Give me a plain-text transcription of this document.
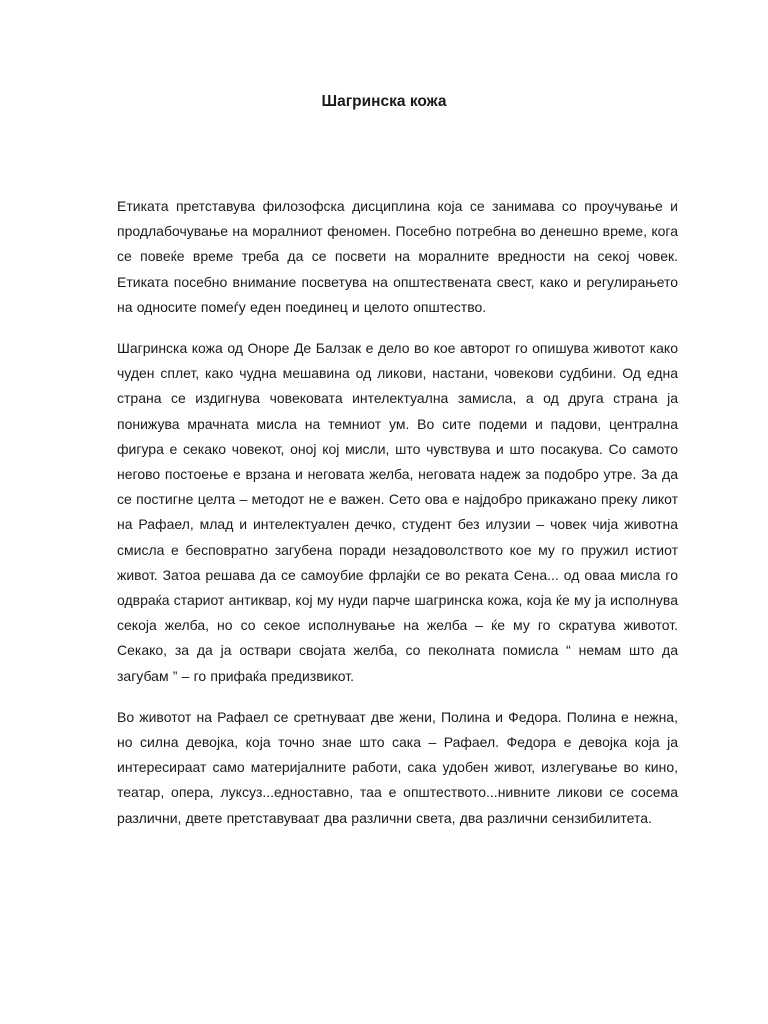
Шагринска кожа

Етиката претставува филозофска дисциплина која се занимава со проучување и продлабочување на моралниот феномен. Посебно потребна во денешно време, кога се повеќе време треба да се посвети на моралните вредности на секој човек. Етиката посебно внимание посветува на општествената свест, како и регулирањето на односите помеѓу еден поединец и целото општество.

Шагринска кожа од Оноре Де Балзак е дело во кое авторот го опишува животот како чуден сплет, како чудна мешавина од ликови, настани, човекови судбини. Од една страна се издигнува човековата интелектуална замисла, а од друга страна ја понижува мрачната мисла на темниот ум. Во сите подеми и падови, централна фигура е секако човекот, оној кој мисли, што чувствува и што посакува. Со самото негово постоење е врзана и неговата желба, неговата надеж за подобро утре. За да се постигне целта – методот не е важен. Сето ова е најдобро прикажано преку ликот на Рафаел, млад и интелектуален дечко, студент без илузии – човек чија животна смисла е бесповратно загубена поради незадоволството кое му го пружил истиот живот. Затоа решава да се самоубие фрлајќи се во реката Сена... од оваа мисла го одвраќа стариот антиквар, кој му нуди парче шагринска кожа, која ќе му ја исполнува секоја желба, но со секое исполнување на желба – ќе му го скратува животот. Секако, за да ја оствари својата желба, со пеколната помисла “ немам што да загубам ” – го прифаќа предизвикот.

Во животот на Рафаел се сретнуваат две жени, Полина и Федора. Полина е нежна, но силна девојка, која точно знае што сака – Рафаел. Федора е девојка која ја интересираат само материјалните работи, сака удобен живот, излегување во кино, театар, опера, луксуз...едноставно, таа е општеството...нивните ликови се сосема различни, двете претставуваат два различни света, два различни сензибилитета.
